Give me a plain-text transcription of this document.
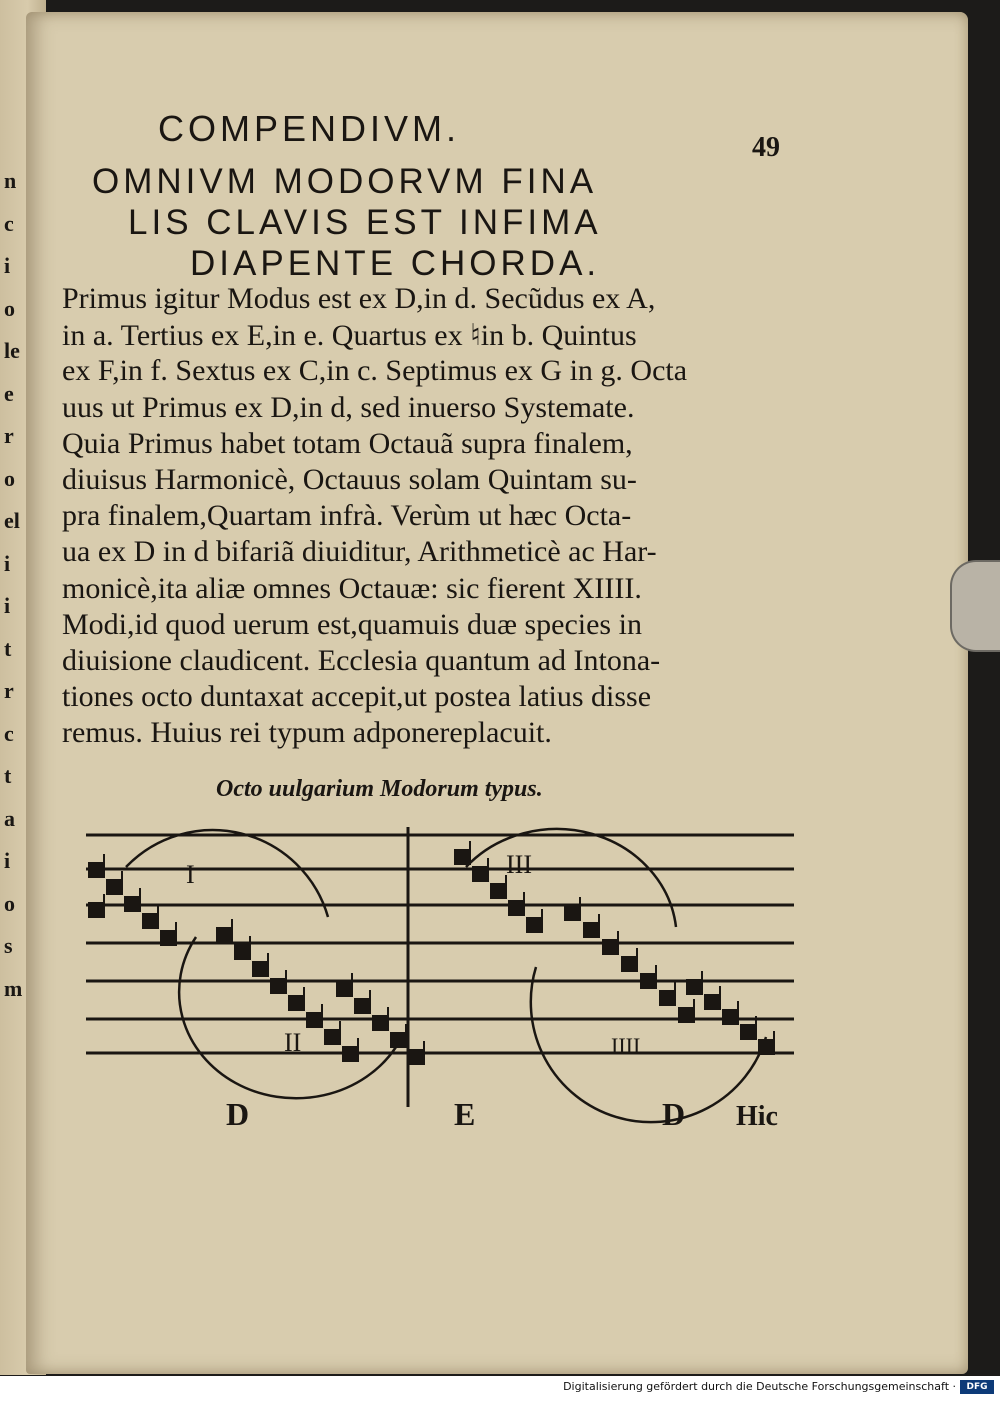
n
c
i
o
le
e
r
o
el
i
i
t
r
c
t
a
i
o
s
m
COMPENDIVM.	49
OMNIVM MODORVM FINA
LIS CLAVIS EST INFIMA
DIAPENTE CHORDA.
Primus igitur Modus est ex D,in d. Secũdus ex A,
in a. Tertius ex E,in e. Quartus ex ♮in b. Quintus
ex F,in f. Sextus ex C,in c. Septimus ex G in g. Octa
uus ut Primus ex D,in d, sed inuerso Systemate.
Quia Primus habet totam Octauã supra finalem,
diuisus Harmonicè, Octauus solam Quintam su-
pra finalem,Quartam infrà. Verùm ut hæc Octa-
ua ex D in d bifariã diuiditur, Arithmeticè ac Har-
monicè,ita aliæ omnes Octauæ: sic fierent XIIII.
Modi,id quod uerum est,quamuis duæ species in
diuisione claudicent. Ecclesia quantum ad Intona-
tiones octo duntaxat accepit,ut postea latius disse
remus. Huius rei typum adponereplacuit.
Octo uulgarium Modorum typus.
I
II
III
IIII
D	E	D Hic
Digitalisierung gefördert durch die Deutsche Forschungsgemeinschaft ·	DFG
